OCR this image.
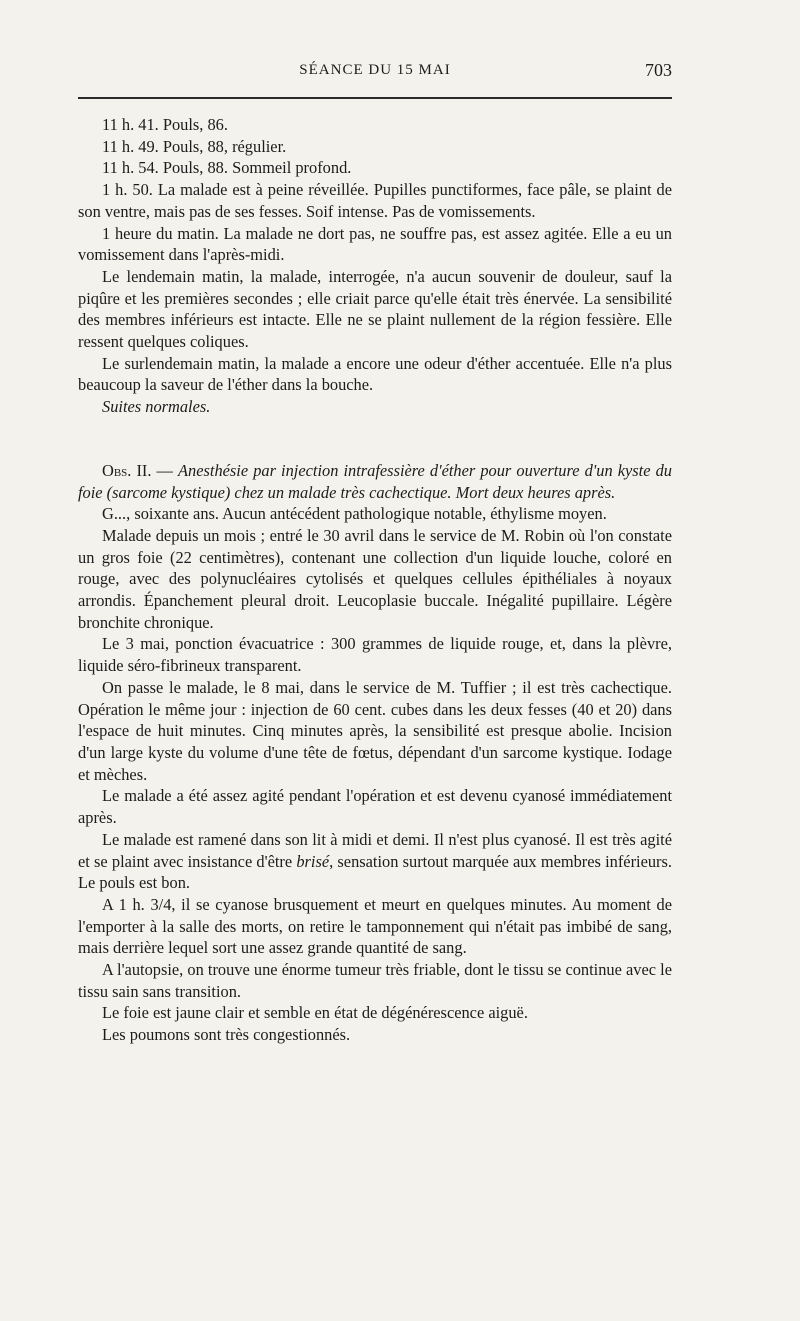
SÉANCE DU 15 MAI	703

11 h. 41. Pouls, 86.

11 h. 49. Pouls, 88, régulier.

11 h. 54. Pouls, 88. Sommeil profond.

1 h. 50. La malade est à peine réveillée. Pupilles punctiformes, face pâle, se plaint de son ventre, mais pas de ses fesses. Soif intense. Pas de vomissements.

1 heure du matin. La malade ne dort pas, ne souffre pas, est assez agitée. Elle a eu un vomissement dans l'après-midi.

Le lendemain matin, la malade, interrogée, n'a aucun souvenir de douleur, sauf la piqûre et les premières secondes ; elle criait parce qu'elle était très énervée. La sensibilité des membres inférieurs est intacte. Elle ne se plaint nullement de la région fessière. Elle ressent quelques coliques.

Le surlendemain matin, la malade a encore une odeur d'éther accentuée. Elle n'a plus beaucoup la saveur de l'éther dans la bouche.

Suites normales.

Obs. II. — Anesthésie par injection intrafessière d'éther pour ouverture d'un kyste du foie (sarcome kystique) chez un malade très cachectique. Mort deux heures après.

G..., soixante ans. Aucun antécédent pathologique notable, éthylisme moyen.

Malade depuis un mois ; entré le 30 avril dans le service de M. Robin où l'on constate un gros foie (22 centimètres), contenant une collection d'un liquide louche, coloré en rouge, avec des polynucléaires cytolisés et quelques cellules épithéliales à noyaux arrondis. Épanchement pleural droit. Leucoplasie buccale. Inégalité pupillaire. Légère bronchite chronique.

Le 3 mai, ponction évacuatrice : 300 grammes de liquide rouge, et, dans la plèvre, liquide séro-fibrineux transparent.

On passe le malade, le 8 mai, dans le service de M. Tuffier ; il est très cachectique. Opération le même jour : injection de 60 cent. cubes dans les deux fesses (40 et 20) dans l'espace de huit minutes. Cinq minutes après, la sensibilité est presque abolie. Incision d'un large kyste du volume d'une tête de fœtus, dépendant d'un sarcome kystique. Iodage et mèches.

Le malade a été assez agité pendant l'opération et est devenu cyanosé immédiatement après.

Le malade est ramené dans son lit à midi et demi. Il n'est plus cyanosé. Il est très agité et se plaint avec insistance d'être brisé, sensation surtout marquée aux membres inférieurs. Le pouls est bon.

A 1 h. 3/4, il se cyanose brusquement et meurt en quelques minutes. Au moment de l'emporter à la salle des morts, on retire le tamponnement qui n'était pas imbibé de sang, mais derrière lequel sort une assez grande quantité de sang.

A l'autopsie, on trouve une énorme tumeur très friable, dont le tissu se continue avec le tissu sain sans transition.

Le foie est jaune clair et semble en état de dégénérescence aiguë.

Les poumons sont très congestionnés.
